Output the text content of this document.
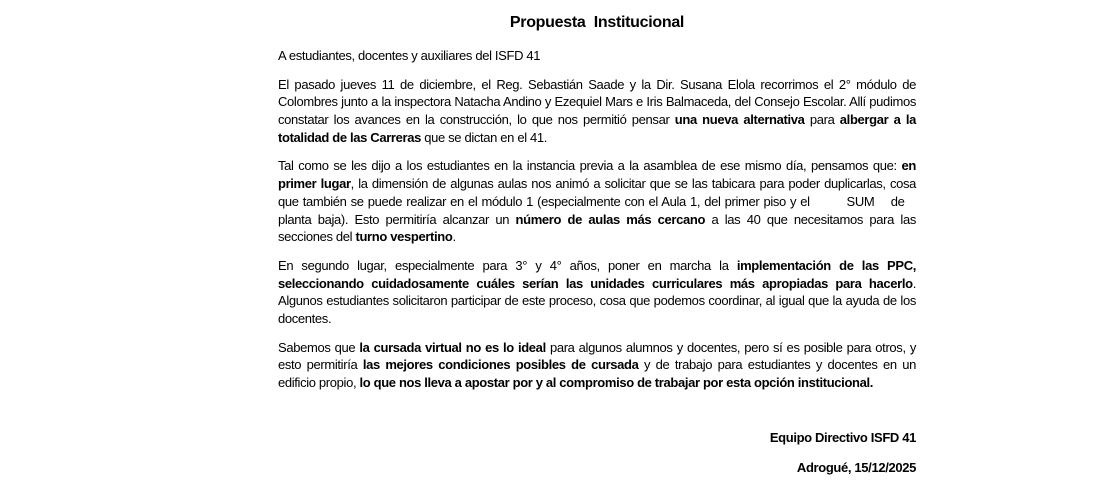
Propuesta  Institucional

A estudiantes, docentes y auxiliares del ISFD 41

El pasado jueves 11 de diciembre, el Reg. Sebastián Saade y la Dir. Susana Elola recorrimos el 2° módulo de Colombres junto a la inspectora Natacha Andino y Ezequiel Mars e Iris Balmaceda, del Consejo Escolar. Allí pudimos constatar los avances en la construcción, lo que nos permitió pensar una nueva alternativa para albergar a la totalidad de las Carreras que se dictan en el 41.

Tal como se les dijo a los estudiantes en la instancia previa a la asamblea de ese mismo día, pensamos que: en primer lugar, la dimensión de algunas aulas nos animó a solicitar que se las tabicara para poder duplicarlas, cosa que también se puede realizar en el módulo 1 (especialmente con el Aula 1, del primer piso y el         SUM    de    planta baja). Esto permitiría alcanzar un número de aulas más cercano a las 40 que necesitamos para las secciones del turno vespertino.

En segundo lugar, especialmente para 3° y 4° años, poner en marcha la implementación de las PPC, seleccionando cuidadosamente cuáles serían las unidades curriculares más apropiadas para hacerlo. Algunos estudiantes solicitaron participar de este proceso, cosa que podemos coordinar, al igual que la ayuda de los docentes.

Sabemos que la cursada virtual no es lo ideal para algunos alumnos y docentes, pero sí es posible para otros, y esto permitiría las mejores condiciones posibles de cursada y de trabajo para estudiantes y docentes en un edificio propio, lo que nos lleva a apostar por y al compromiso de trabajar por esta opción institucional.

Equipo Directivo ISFD 41

Adrogué, 15/12/2025
